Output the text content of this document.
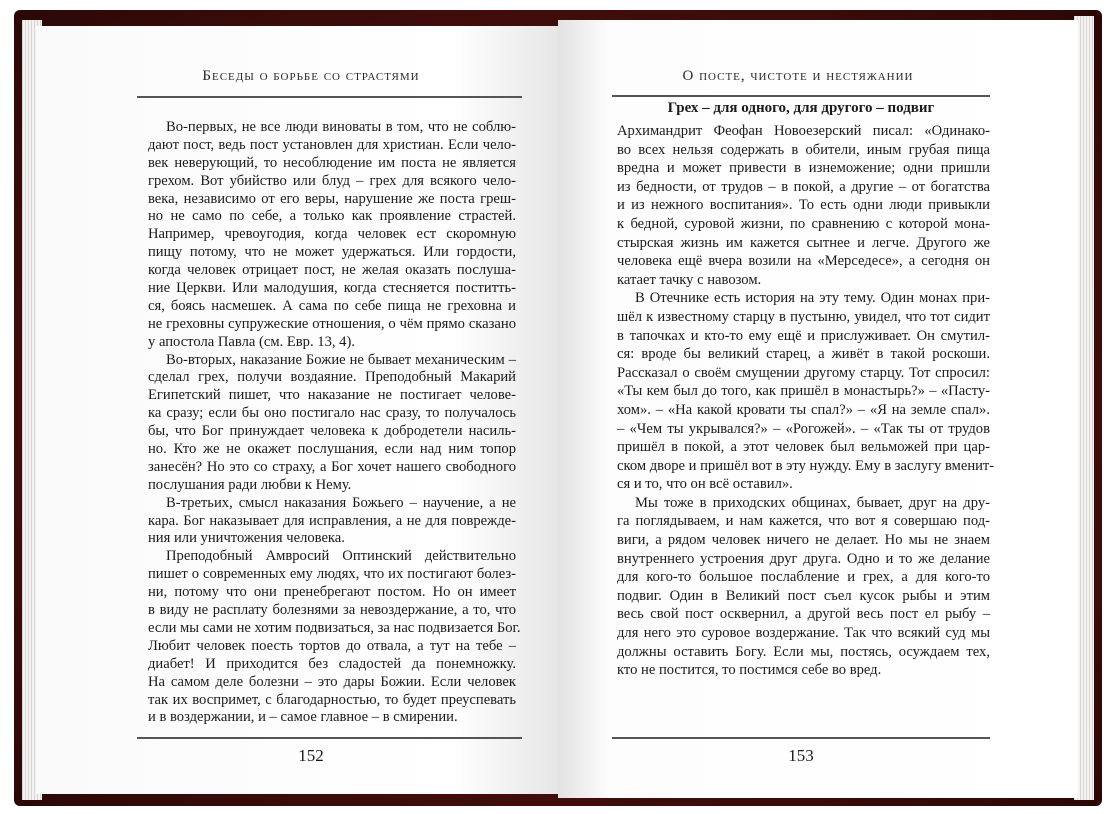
Беседы о борьбе со страстями
Во-первых, не все люди виноваты в том, что не соблю-
дают пост, ведь пост установлен для христиан. Если чело-
век неверующий, то несоблюдение им поста не является
грехом. Вот убийство или блуд – грех для всякого чело-
века, независимо от его веры, нарушение же поста греш-
но не само по себе, а только как проявление страстей.
Например, чревоугодия, когда человек ест скоромную
пищу потому, что не может удержаться. Или гордости,
когда человек отрицает пост, не желая оказать послуша-
ние Церкви. Или малодушия, когда стесняется поститть-
ся, боясь насмешек. А сама по себе пища не греховна и
не греховны супружеские отношения, о чём прямо сказано
у апостола Павла (см. Евр. 13, 4).
Во-вторых, наказание Божие не бывает механическим –
сделал грех, получи воздаяние. Преподобный Макарий
Египетский пишет, что наказание не постигает челове-
ка сразу; если бы оно постигало нас сразу, то получалось
бы, что Бог принуждает человека к добродетели насиль-
но. Кто же не окажет послушания, если над ним топор
занесён? Но это со страху, а Бог хочет нашего свободного
послушания ради любви к Нему.
В-третьих, смысл наказания Божьего – научение, а не
кара. Бог наказывает для исправления, а не для поврежде-
ния или уничтожения человека.
Преподобный Амвросий Оптинский действительно
пишет о современных ему людях, что их постигают болез-
ни, потому что они пренебрегают постом. Но он имеет
в виду не расплату болезнями за невоздержание, а то, что
если мы сами не хотим подвизаться, за нас подвизается Бог.
Любит человек поесть тортов до отвала, а тут на тебе –
диабет! И приходится без сладостей да понемножку.
На самом деле болезни – это дары Божии. Если человек
так их воспримет, с благодарностью, то будет преуспевать
и в воздержании, и – самое главное – в смирении.
152
О посте, чистоте и нестяжании
Грех – для одного, для другого – подвиг
Архимандрит Феофан Новоезерский писал: «Одинако-
во всех нельзя содержать в обители, иным грубая пища
вредна и может привести в изнеможение; одни пришли
из бедности, от трудов – в покой, а другие – от богатства
и из нежного воспитания». То есть одни люди привыкли
к бедной, суровой жизни, по сравнению с которой мона-
стырская жизнь им кажется сытнее и легче. Другого же
человека ещё вчера возили на «Мерседесе», а сегодня он
катает тачку с навозом.
В Отечнике есть история на эту тему. Один монах при-
шёл к известному старцу в пустыню, увидел, что тот сидит
в тапочках и кто-то ему ещё и прислуживает. Он смутил-
ся: вроде бы великий старец, а живёт в такой роскоши.
Рассказал о своём смущении другому старцу. Тот спросил:
«Ты кем был до того, как пришёл в монастырь?» – «Пасту-
хом». – «На какой кровати ты спал?» – «Я на земле спал».
– «Чем ты укрывался?» – «Рогожей». – «Так ты от трудов
пришёл в покой, а этот человек был вельможей при цар-
ском дворе и пришёл вот в эту нужду. Ему в заслугу вменит-
ся и то, что он всё оставил».
Мы тоже в приходских общинах, бывает, друг на дру-
га поглядываем, и нам кажется, что вот я совершаю под-
виги, а рядом человек ничего не делает. Но мы не знаем
внутреннего устроения друг друга. Одно и то же делание
для кого-то большое послабление и грех, а для кого-то
подвиг. Один в Великий пост съел кусок рыбы и этим
весь свой пост осквернил, а другой весь пост ел рыбу –
для него это суровое воздержание. Так что всякий суд мы
должны оставить Богу. Если мы, постясь, осуждаем тех,
кто не постится, то постимся себе во вред.
153
